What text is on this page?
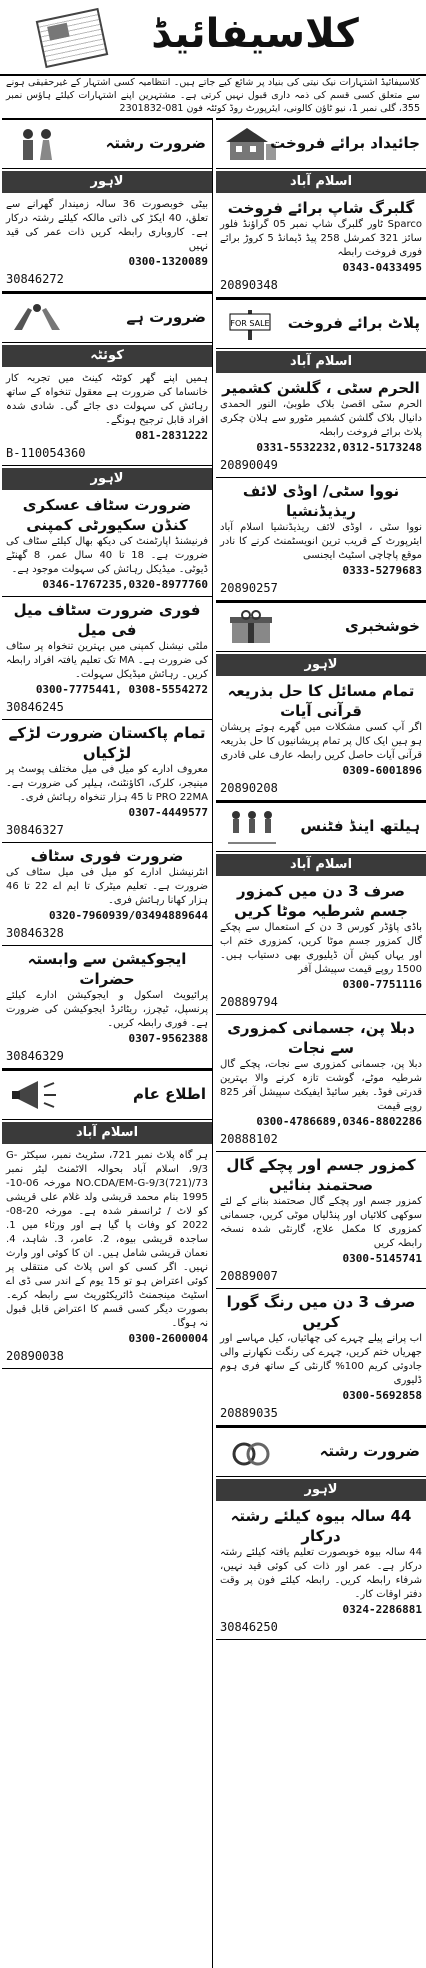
کلاسیفائیڈ
کلاسیفائیڈ اشتہارات نیک نیتی کی بنیاد پر شائع کیے جاتے ہیں۔ انتظامیہ کسی اشتہار کے غیرحقیقی ہونے سے متعلق کسی قسم کی ذمہ داری قبول نہیں کرتی ہے۔ مشتہرین اپنے اشتہارات کیلئے ہاؤس نمبر 355، گلی نمبر 1، نیو ٹاؤن کالونی، ایئرپورٹ روڈ کوئٹہ فون 081-2301832
جائیداد برائے فروخت
اسلام آباد
گلبرگ شاپ برائے فروخت

Sparco ٹاور گلبرگ شاپ نمبر 05 گراؤنڈ فلور سائز 321 کمرشل 258 پیڈ ڈیمانڈ 5 کروڑ برائے فوری فروخت رابطہ

0343-0433495
20890348
FOR SALE پلاٹ برائے فروخت
اسلام آباد
الحرم سٹی ، گلشن کشمیر

الحرم سٹی اقصیٰ بلاک طوبیٰ، النور الحمدی دانیال بلاک گلشن کشمیر مٹورو سے ہلان چکری پلاٹ برائے فروخت رابطہ

0331-5532232,0312-5173248
20890049
نووا سٹی/ اوڈی لائف ریذیڈنشیا

نووا سٹی ، اوڈی لائف ریذیڈنشیا اسلام آباد ایئرپورٹ کے قریب ترین انویسٹمنٹ کرنے کا نادر موقع پاچاچی اسٹیٹ ایجنسی

0333-5279683
20890257
خوشخبری
لاہور
تمام مسائل کا حل بذریعہ قرآنی آیات

اگر آپ کسی مشکلات میں گھرے ہوئے پریشان ہو ہیں ایک کال پر تمام پریشانیوں کا حل بذریعہ قرآنی آیات حاصل کریں رابطہ عارف علی قادری

0309-6001896
20890208
ہیلتھ اینڈ فٹنس
اسلام آباد
صرف 3 دن میں کمزور جسم شرطیہ موٹا کریں

باڈی پاؤڈر کورس 3 دن کے استعمال سے پچکے گال کمزور جسم موٹا کریں، کمزوری ختم اب اور یہاں کیش آن ڈیلیوری بھی دستیاب ہیں۔ 1500 روپے قیمت سپیشل آفر

0300-7751116
20889794
دبلا پن، جسمانی کمزوری سے نجات

دبلا پن، جسمانی کمزوری سے نجات، پچکے گال شرطیہ موٹے، گوشت تازہ کرنے والا بہترین قدرتی فوڈ۔ بغیر سائیڈ ایفیکٹ سپیشل آفر 825 روپے قیمت

0300-4786689,0346-8802286
20888102
کمزور جسم اور پچکے گال صحتمند بنائیں

کمزور جسم اور پچکے گال صحتمند بنانے کے لئے سوکھی کلائیاں اور پنڈلیاں موٹی کریں، جسمانی کمزوری کا مکمل علاج، گارنٹی شدہ نسخہ رابطہ کریں

0300-5145741
20889007
صرف 3 دن میں رنگ گورا کریں

اب پرانے پیلے چہرے کی چھائیاں، کیل مہاسے اور جھریاں ختم کریں، چہرے کی رنگت نکھارنے والی جادوئی کریم 100% گارنٹی کے ساتھ فری ہوم ڈلیوری

0300-5692858
20889035
ضرورت رشتہ
لاہور
44 سالہ بیوہ کیلئے رشتہ درکار

44 سالہ بیوہ خوبصورت تعلیم یافتہ کیلئے رشتہ درکار ہے۔ عمر اور ذات کی کوئی قید نہیں، شرفاء رابطہ کریں۔ رابطہ کیلئے فون پر وقت دفتر اوقات کار۔

0324-2286881
30846250
ضرورت رشتہ
لاہور

بیٹی خوبصورت 36 سالہ زمیندار گھرانے سے تعلق، 40 ایکڑ کی ذاتی مالکہ کیلئے رشتہ درکار ہے۔ کاروباری رابطہ کریں ذات عمر کی قید نہیں

0300-1320089
30846272
ضرورت ہے
کوئٹہ

ہمیں اپنے گھر کوئٹہ کینٹ میں تجربہ کار خانساما کی ضرورت ہے معقول تنخواہ کے ساتھ رہائش کی سہولت دی جائے گی۔ شادی شدہ افراد قابل ترجیح ہونگے۔

081-2831222
B-110054360
لاہور
ضرورت سٹاف عسکری کنڈن سکیورٹی کمپنی

فرنیشنڈ اپارٹمنٹ کی دیکھ بھال کیلئے سٹاف کی ضرورت ہے۔ 18 تا 40 سال عمر، 8 گھنٹے ڈیوٹی۔ میڈیکل رہائش کی سہولت موجود ہے۔

0346-1767235,0320-8977760
فوری ضرورت سٹاف میل فی میل

ملٹی نیشنل کمپنی میں بہترین تنخواہ پر سٹاف کی ضرورت ہے۔ MA تک تعلیم یافتہ افراد رابطہ کریں۔ رہائش میڈیکل سہولت۔

0300-7775441, 0308-5554272
30846245
تمام پاکستان ضرورت لڑکے لڑکیاں

معروف ادارے کو میل فی میل مختلف پوسٹ پر مینیجر، کلرک، اکاؤنٹنٹ، ہیلپر کی ضرورت ہے۔ PRO 22MA تا 45 ہزار تنخواہ رہائش فری۔

0307-4449577
30846327
ضرورت فوری سٹاف

انٹرنیشنل ادارے کو میل فی میل سٹاف کی ضرورت ہے۔ تعلیم میٹرک تا ایم اے 22 تا 46 ہزار کھانا رہائش فری۔

0320-7960939/03494889644
30846328
ایجوکیشن سے وابستہ حضرات

پرائیویٹ اسکول و ایجوکیشن ادارے کیلئے پرنسپل، ٹیچرز، ریٹائرڈ ایجوکیشن کی ضرورت ہے۔ فوری رابطہ کریں۔

0307-9562388
30846329
اطلاع عام
اسلام آباد

ہر گاہ پلاٹ نمبر 721، سٹریٹ نمبر، سیکٹر G-9/3، اسلام آباد بحوالہ الاٹمنٹ لیٹر نمبر NO.CDA/EM-G-9/3(721)/73 مورخہ 06-10-1995 بنام محمد قریشی ولد غلام علی قریشی کو لاٹ / ٹرانسفر شدہ ہے۔ مورخہ 20-08-2022 کو وفات پا گیا ہے اور ورثاء میں 1. ساجدہ قریشی بیوہ، 2. عامر، 3. شاہد، 4. نعمان قریشی شامل ہیں۔ ان کا کوئی اور وارث نہیں۔ اگر کسی کو اس پلاٹ کی منتقلی پر کوئی اعتراض ہو تو 15 یوم کے اندر سی ڈی اے اسٹیٹ مینجمنٹ ڈائریکٹوریٹ سے رابطہ کرے۔ بصورت دیگر کسی قسم کا اعتراض قابل قبول نہ ہوگا۔

0300-2600004
20890038
